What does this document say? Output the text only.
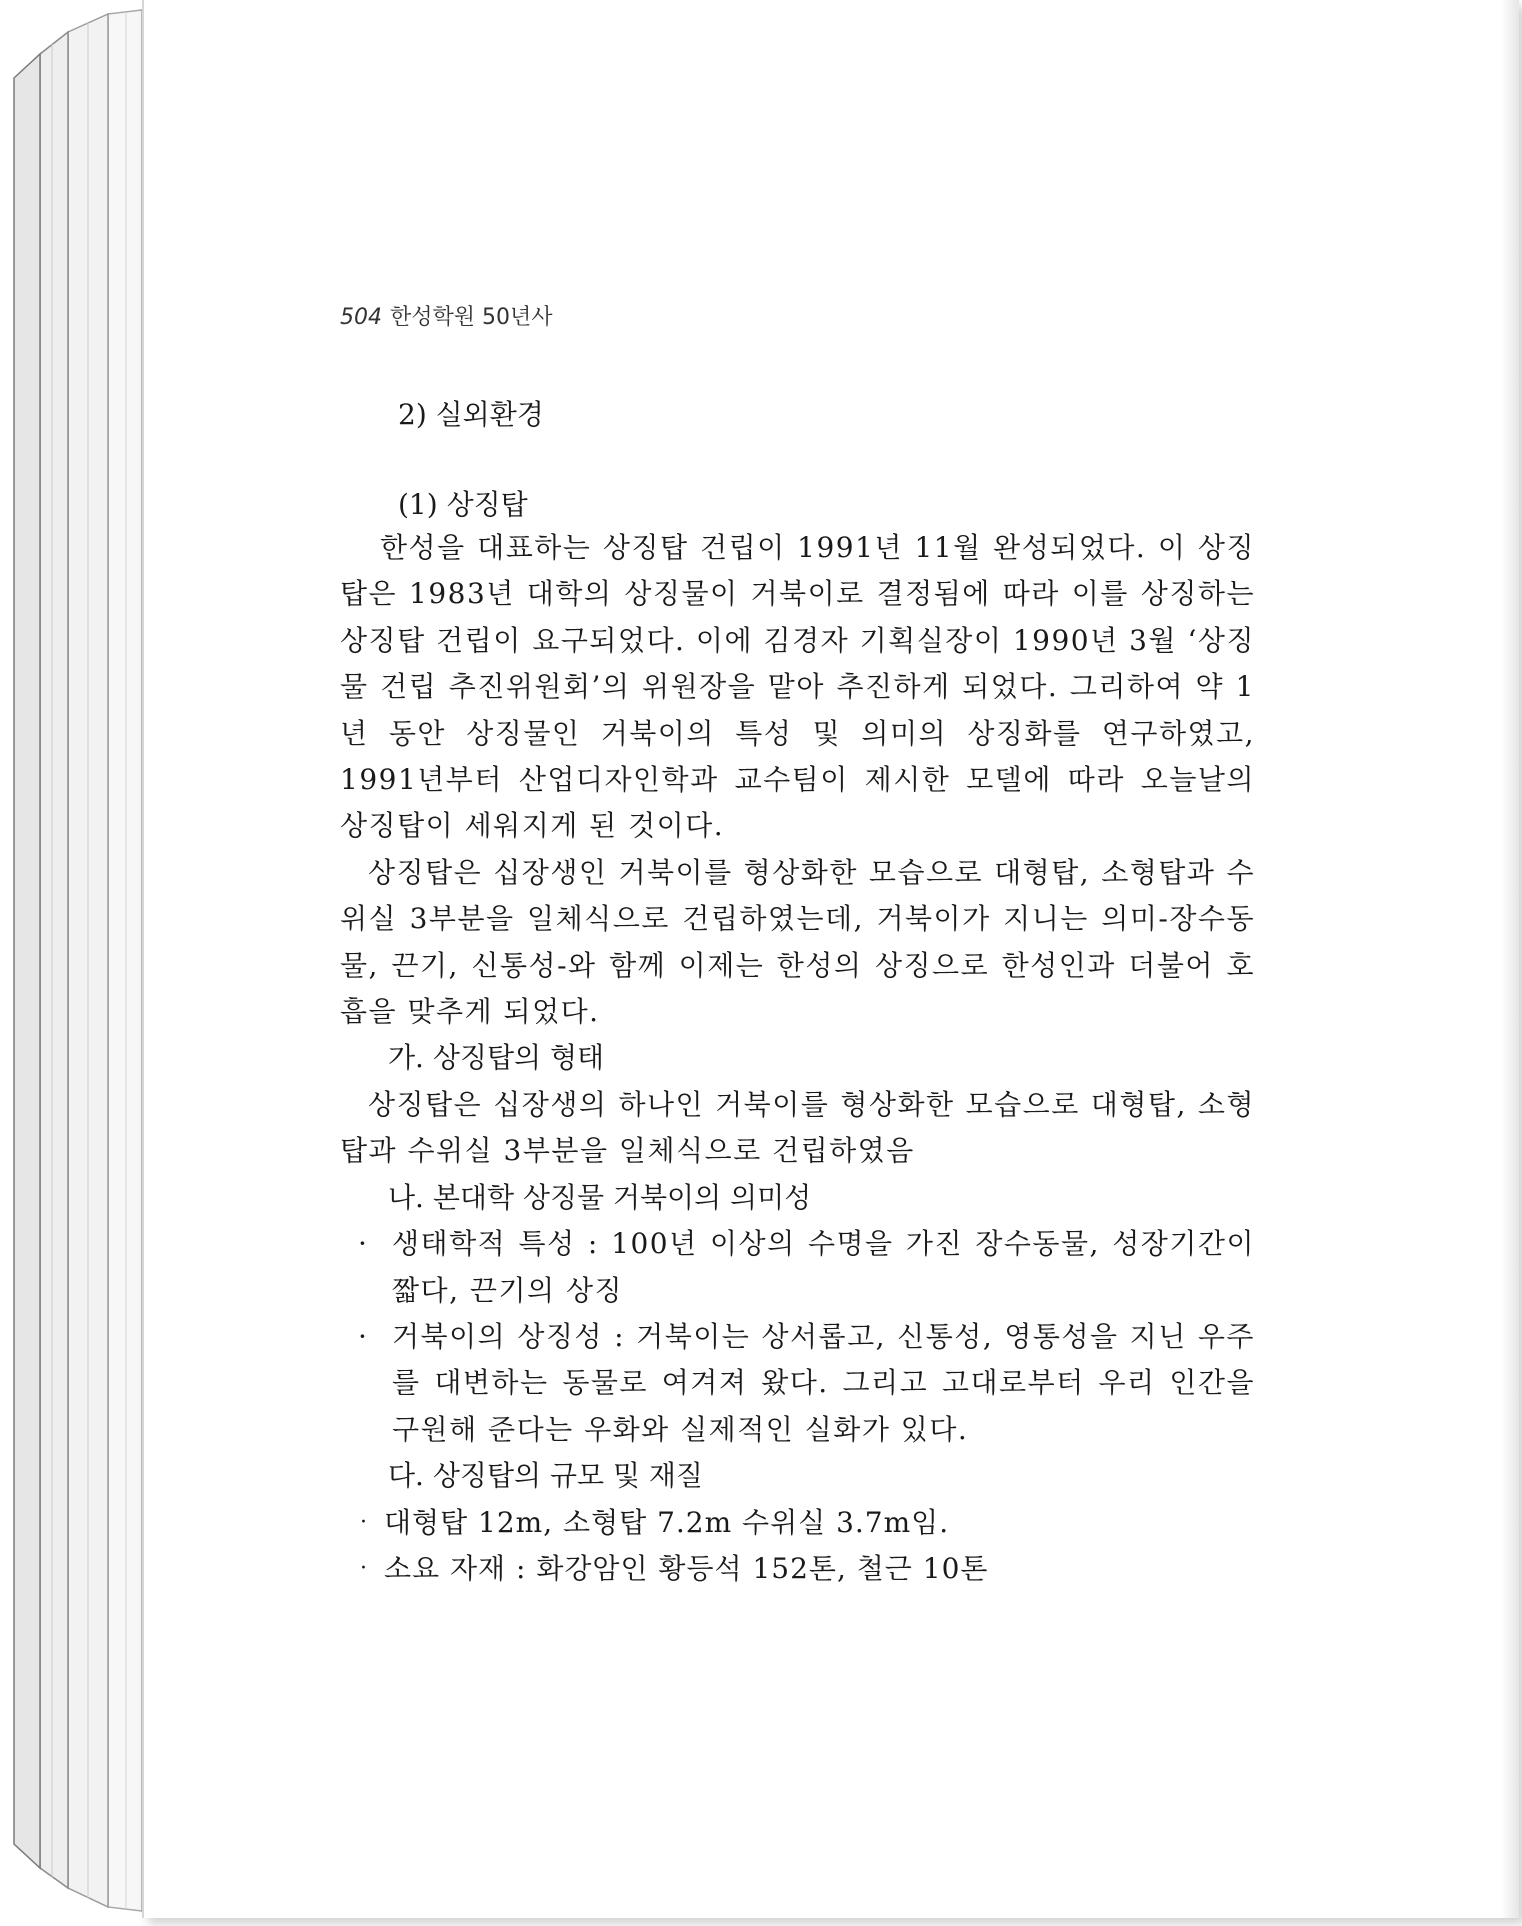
504 한성학원 50년사
2) 실외환경
(1) 상징탑

한성을 대표하는 상징탑 건립이 1991년 11월 완성되었다. 이 상징탑은 1983년 대학의 상징물이 거북이로 결정됨에 따라 이를 상징하는 상징탑 건립이 요구되었다. 이에 김경자 기획실장이 1990년 3월 ‘상징물 건립 추진위원회’의 위원장을 맡아 추진하게 되었다. 그리하여 약 1년 동안 상징물인 거북이의 특성 및 의미의 상징화를 연구하였고, 1991년부터 산업디자인학과 교수팀이 제시한 모델에 따라 오늘날의 상징탑이 세워지게 된 것이다.

상징탑은 십장생인 거북이를 형상화한 모습으로 대형탑, 소형탑과 수위실 3부분을 일체식으로 건립하였는데, 거북이가 지니는 의미-장수동물, 끈기, 신통성-와 함께 이제는 한성의 상징으로 한성인과 더불어 호흡을 맞추게 되었다.

가. 상징탑의 형태

상징탑은 십장생의 하나인 거북이를 형상화한 모습으로 대형탑, 소형탑과 수위실 3부분을 일체식으로 건립하였음

나. 본대학 상징물 거북이의 의미성

· 생태학적 특성 : 100년 이상의 수명을 가진 장수동물, 성장기간이 짧다, 끈기의 상징

· 거북이의 상징성 : 거북이는 상서롭고, 신통성, 영통성을 지닌 우주를 대변하는 동물로 여겨져 왔다. 그리고 고대로부터 우리 인간을 구원해 준다는 우화와 실제적인 실화가 있다.

다. 상징탑의 규모 및 재질

· 대형탑 12m, 소형탑 7.2m 수위실 3.7m임.

· 소요 자재 : 화강암인 황등석 152톤, 철근 10톤
